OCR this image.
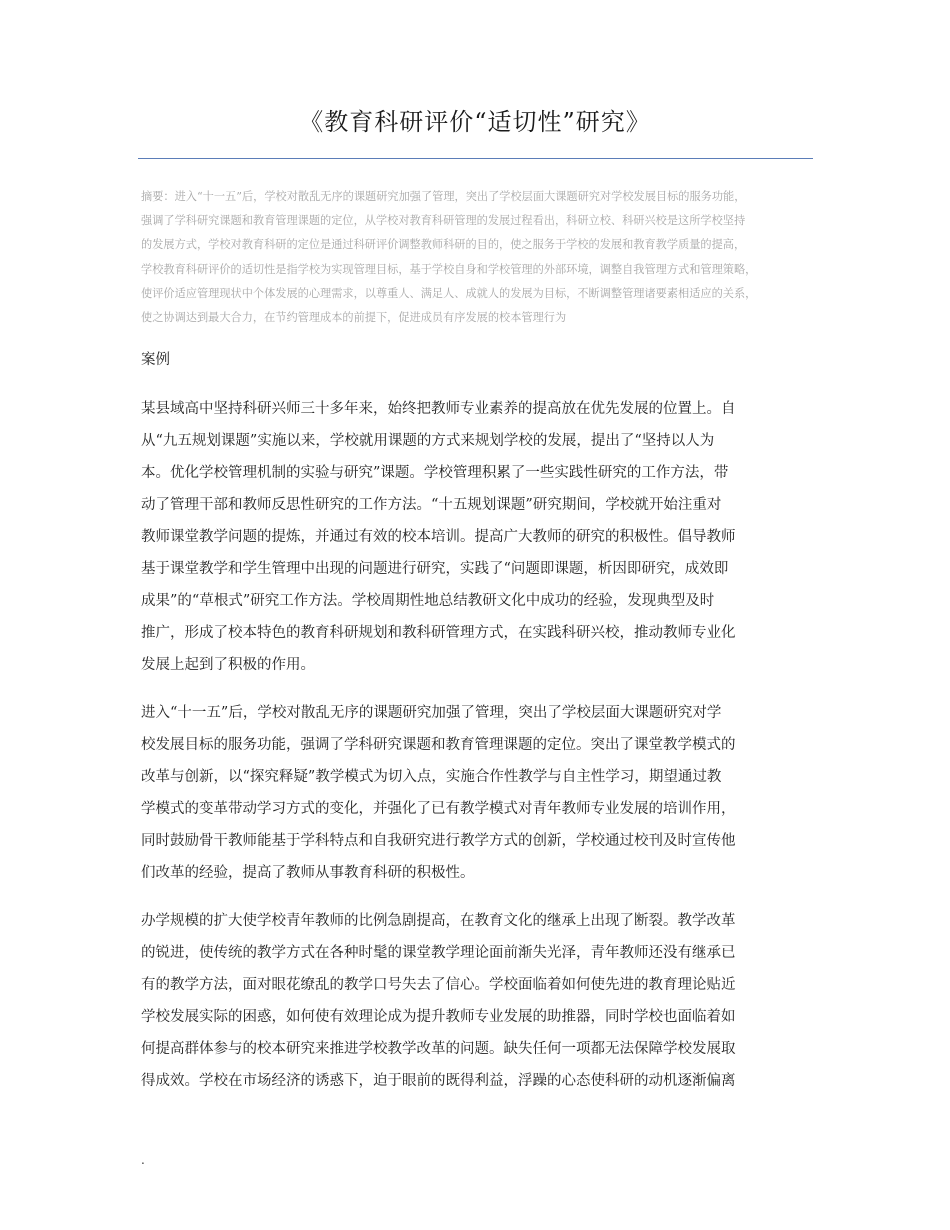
《教育科研评价“适切性”研究》
摘要：进入“十一五”后，学校对散乱无序的课题研究加强了管理，突出了学校层面大课题研究对学校发展目标的服务功能，
强调了学科研究课题和教育管理课题的定位，从学校对教育科研管理的发展过程看出，科研立校、科研兴校是这所学校坚持
的发展方式，学校对教育科研的定位是通过科研评价调整教师科研的目的，使之服务于学校的发展和教育教学质量的提高，
学校教育科研评价的适切性是指学校为实现管理目标，基于学校自身和学校管理的外部环境，调整自我管理方式和管理策略，
使评价适应管理现状中个体发展的心理需求，以尊重人、满足人、成就人的发展为目标，不断调整管理诸要素相适应的关系，
使之协调达到最大合力，在节约管理成本的前提下，促进成员有序发展的校本管理行为
案例
某县域高中坚持科研兴师三十多年来，始终把教师专业素养的提高放在优先发展的位置上。自
从“九五规划课题”实施以来，学校就用课题的方式来规划学校的发展，提出了“坚持以人为
本。优化学校管理机制的实验与研究”课题。学校管理积累了一些实践性研究的工作方法，带
动了管理干部和教师反思性研究的工作方法。“十五规划课题”研究期间，学校就开始注重对
教师课堂教学问题的提炼，并通过有效的校本培训。提高广大教师的研究的积极性。倡导教师
基于课堂教学和学生管理中出现的问题进行研究，实践了“问题即课题，析因即研究，成效即
成果”的“草根式”研究工作方法。学校周期性地总结教研文化中成功的经验，发现典型及时
推广，形成了校本特色的教育科研规划和教科研管理方式，在实践科研兴校，推动教师专业化
发展上起到了积极的作用。
进入“十一五”后，学校对散乱无序的课题研究加强了管理，突出了学校层面大课题研究对学
校发展目标的服务功能，强调了学科研究课题和教育管理课题的定位。突出了课堂教学模式的
改革与创新，以“探究释疑”教学模式为切入点，实施合作性教学与自主性学习，期望通过教
学模式的变革带动学习方式的变化，并强化了已有教学模式对青年教师专业发展的培训作用，
同时鼓励骨干教师能基于学科特点和自我研究进行教学方式的创新，学校通过校刊及时宣传他
们改革的经验，提高了教师从事教育科研的积极性。
办学规模的扩大使学校青年教师的比例急剧提高，在教育文化的继承上出现了断裂。教学改革
的锐进，使传统的教学方式在各种时髦的课堂教学理论面前渐失光泽，青年教师还没有继承已
有的教学方法，面对眼花缭乱的教学口号失去了信心。学校面临着如何使先进的教育理论贴近
学校发展实际的困惑，如何使有效理论成为提升教师专业发展的助推器，同时学校也面临着如
何提高群体参与的校本研究来推进学校教学改革的问题。缺失任何一项都无法保障学校发展取
得成效。学校在市场经济的诱惑下，迫于眼前的既得利益，浮躁的心态使科研的动机逐渐偏离
.
